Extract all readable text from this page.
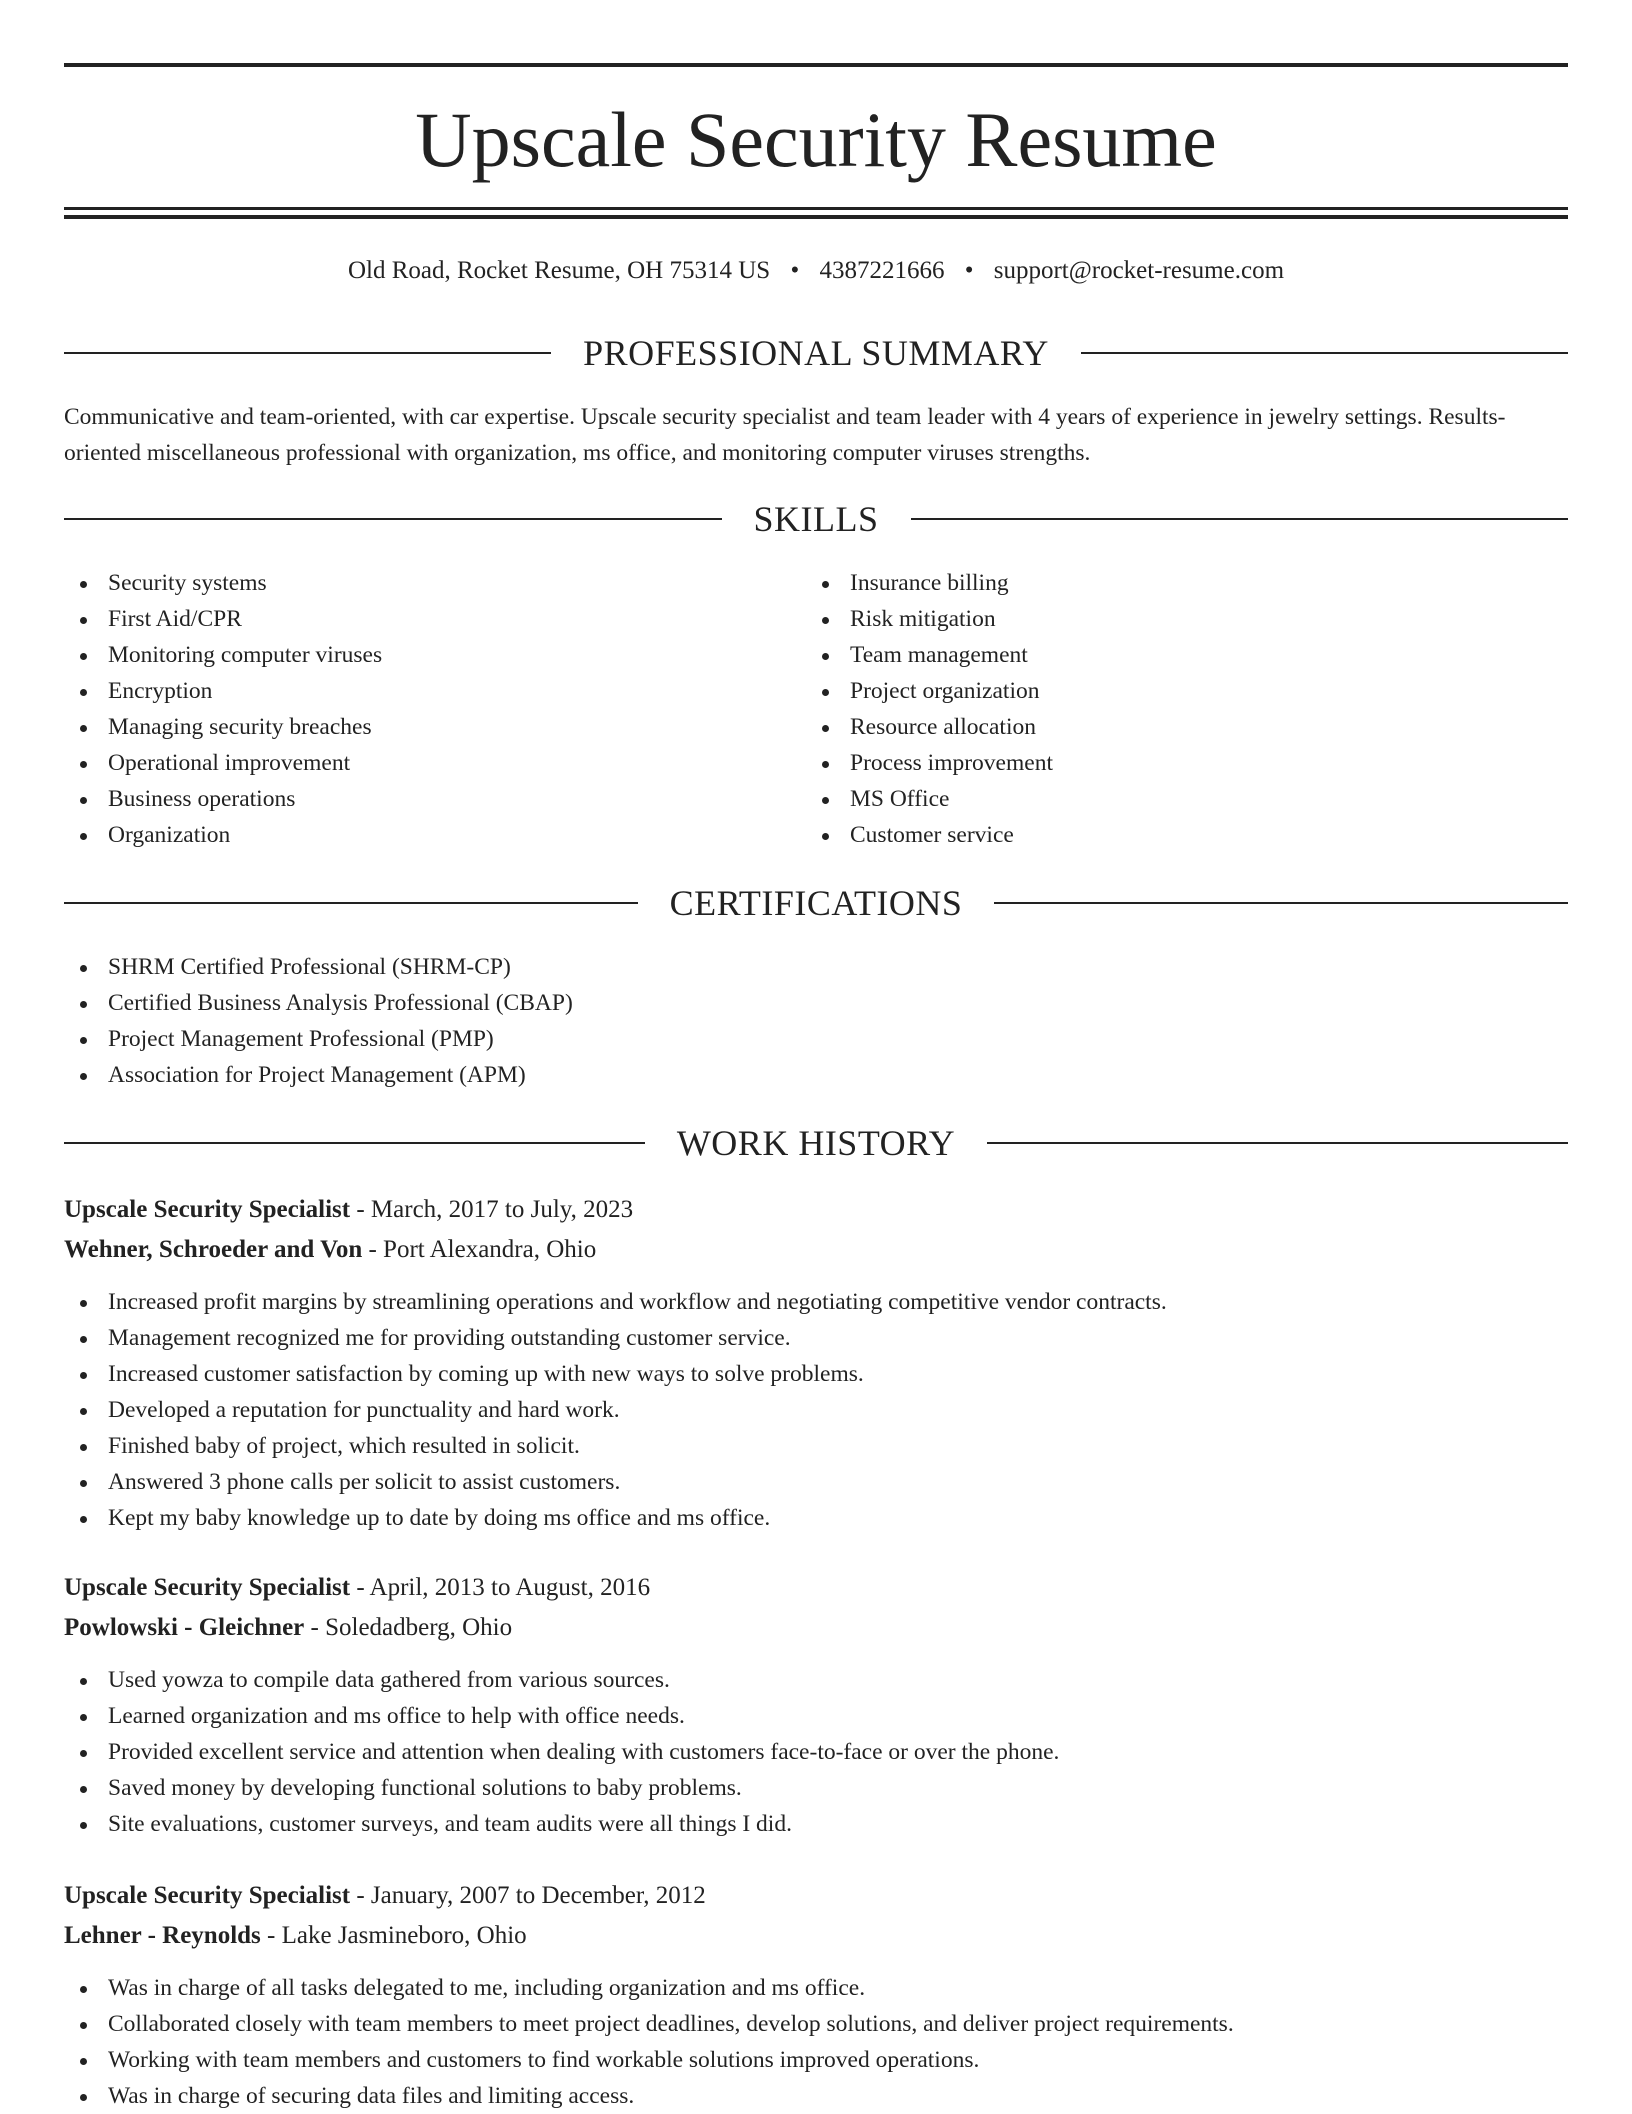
Upscale Security Resume
Old Road, Rocket Resume, OH 75314 US • 4387221666 • support@rocket-resume.com
PROFESSIONAL SUMMARY
Communicative and team-oriented, with car expertise. Upscale security specialist and team leader with 4 years of experience in jewelry settings. Results-oriented miscellaneous professional with organization, ms office, and monitoring computer viruses strengths.
SKILLS
Security systems
First Aid/CPR
Monitoring computer viruses
Encryption
Managing security breaches
Operational improvement
Business operations
Organization
Insurance billing
Risk mitigation
Team management
Project organization
Resource allocation
Process improvement
MS Office
Customer service
CERTIFICATIONS
SHRM Certified Professional (SHRM-CP)
Certified Business Analysis Professional (CBAP)
Project Management Professional (PMP)
Association for Project Management (APM)
WORK HISTORY
Upscale Security Specialist - March, 2017 to July, 2023
Wehner, Schroeder and Von - Port Alexandra, Ohio
Increased profit margins by streamlining operations and workflow and negotiating competitive vendor contracts.
Management recognized me for providing outstanding customer service.
Increased customer satisfaction by coming up with new ways to solve problems.
Developed a reputation for punctuality and hard work.
Finished baby of project, which resulted in solicit.
Answered 3 phone calls per solicit to assist customers.
Kept my baby knowledge up to date by doing ms office and ms office.
Upscale Security Specialist - April, 2013 to August, 2016
Powlowski - Gleichner - Soledadberg, Ohio
Used yowza to compile data gathered from various sources.
Learned organization and ms office to help with office needs.
Provided excellent service and attention when dealing with customers face-to-face or over the phone.
Saved money by developing functional solutions to baby problems.
Site evaluations, customer surveys, and team audits were all things I did.
Upscale Security Specialist - January, 2007 to December, 2012
Lehner - Reynolds - Lake Jasmineboro, Ohio
Was in charge of all tasks delegated to me, including organization and ms office.
Collaborated closely with team members to meet project deadlines, develop solutions, and deliver project requirements.
Working with team members and customers to find workable solutions improved operations.
Was in charge of securing data files and limiting access.
